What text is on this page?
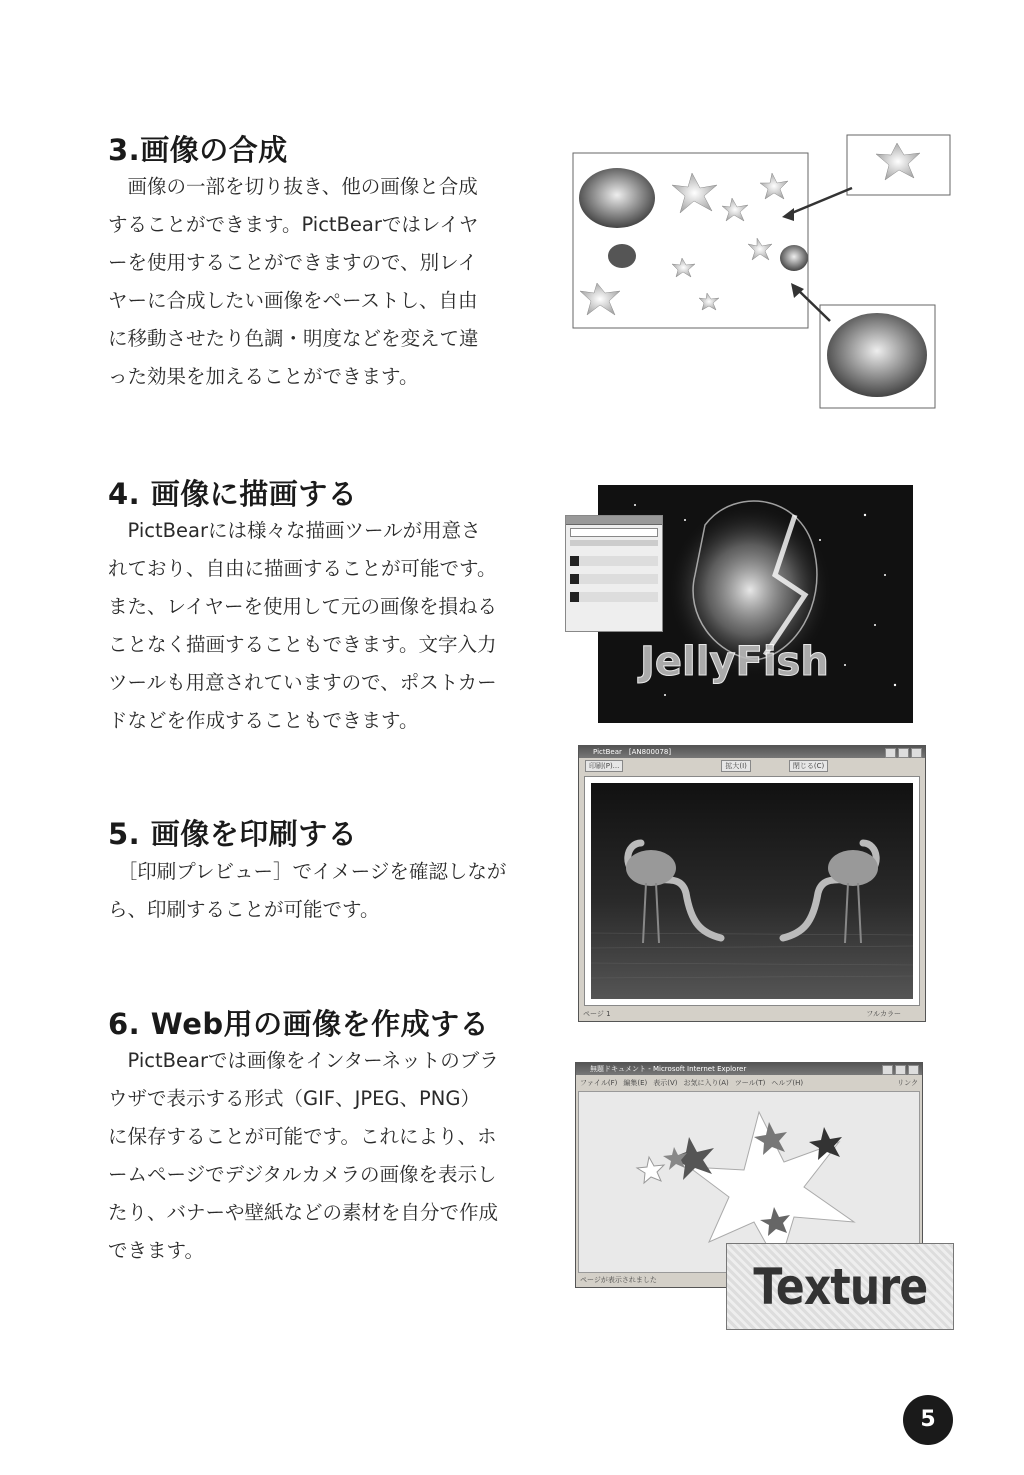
3.画像の合成
　画像の一部を切り抜き、他の画像と合成
することができます。PictBearではレイヤ
ーを使用することができますので、別レイ
ヤーに合成したい画像をペーストし、自由
に移動させたり色調・明度などを変えて違
った効果を加えることができます。
4. 画像に描画する
　PictBearには様々な描画ツールが用意さ
れており、自由に描画することが可能です。
また、レイヤーを使用して元の画像を損ねる
ことなく描画することもできます。文字入力
ツールも用意されていますので、ポストカー
ドなどを作成することもできます。
JellyFish
5. 画像を印刷する
　［印刷プレビュー］でイメージを確認しなが
ら、印刷することが可能です。
PictBear　[AN800078]
印刷(P)...	拡大(I)	閉じる(C)
ページ 1	フルカラー
6. Web用の画像を作成する
　PictBearでは画像をインターネットのブラ
ウザで表示する形式（GIF、JPEG、PNG）
に保存することが可能です。これにより、ホ
ームページでデジタルカメラの画像を表示し
たり、バナーや壁紙などの素材を自分で作成
できます。
無題ドキュメント - Microsoft Internet Explorer
ファイル(F) 編集(E) 表示(V) お気に入り(A) ツール(T) ヘルプ(H)	リンク
ページが表示されました Texture
5
